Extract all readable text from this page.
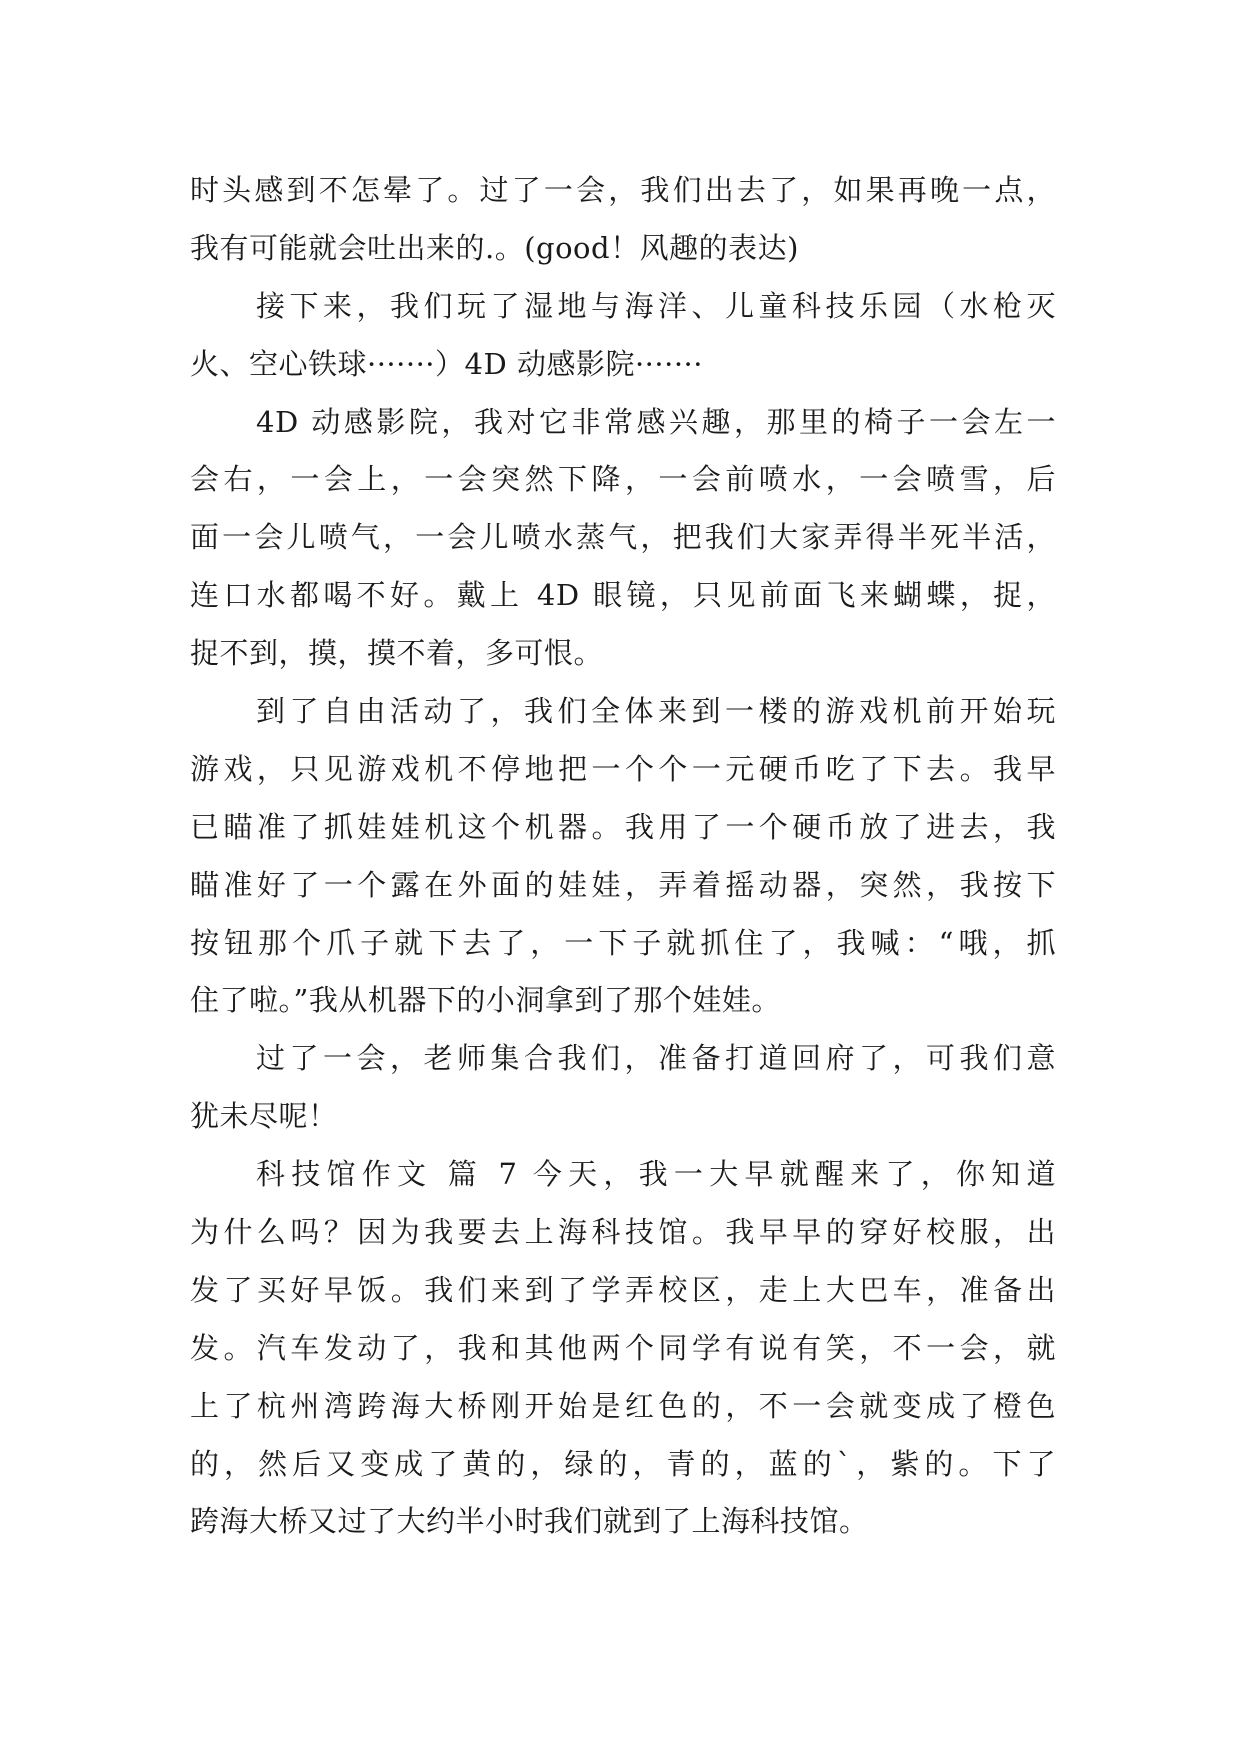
时头感到不怎晕了。过了一会，我们出去了，如果再晚一点，
我有可能就会吐出来的.。(good！风趣的表达)
接下来，我们玩了湿地与海洋、儿童科技乐园（水枪灭
火、空心铁球·······）4D 动感影院·······
4D 动感影院，我对它非常感兴趣，那里的椅子一会左一
会右，一会上，一会突然下降，一会前喷水，一会喷雪，后
面一会儿喷气，一会儿喷水蒸气，把我们大家弄得半死半活，
连口水都喝不好。戴上 4D 眼镜，只见前面飞来蝴蝶，捉，
捉不到，摸，摸不着，多可恨。
到了自由活动了，我们全体来到一楼的游戏机前开始玩
游戏，只见游戏机不停地把一个个一元硬币吃了下去。我早
已瞄准了抓娃娃机这个机器。我用了一个硬币放了进去，我
瞄准好了一个露在外面的娃娃，弄着摇动器，突然，我按下
按钮那个爪子就下去了，一下子就抓住了，我喊：“哦，抓
住了啦。”我从机器下的小洞拿到了那个娃娃。
过了一会，老师集合我们，准备打道回府了，可我们意
犹未尽呢！
科技馆作文 篇 7 今天，我一大早就醒来了，你知道
为什么吗？因为我要去上海科技馆。我早早的穿好校服，出
发了买好早饭。我们来到了学弄校区，走上大巴车，准备出
发。汽车发动了，我和其他两个同学有说有笑，不一会，就
上了杭州湾跨海大桥刚开始是红色的，不一会就变成了橙色
的，然后又变成了黄的，绿的，青的，蓝的`，紫的。下了
跨海大桥又过了大约半小时我们就到了上海科技馆。
